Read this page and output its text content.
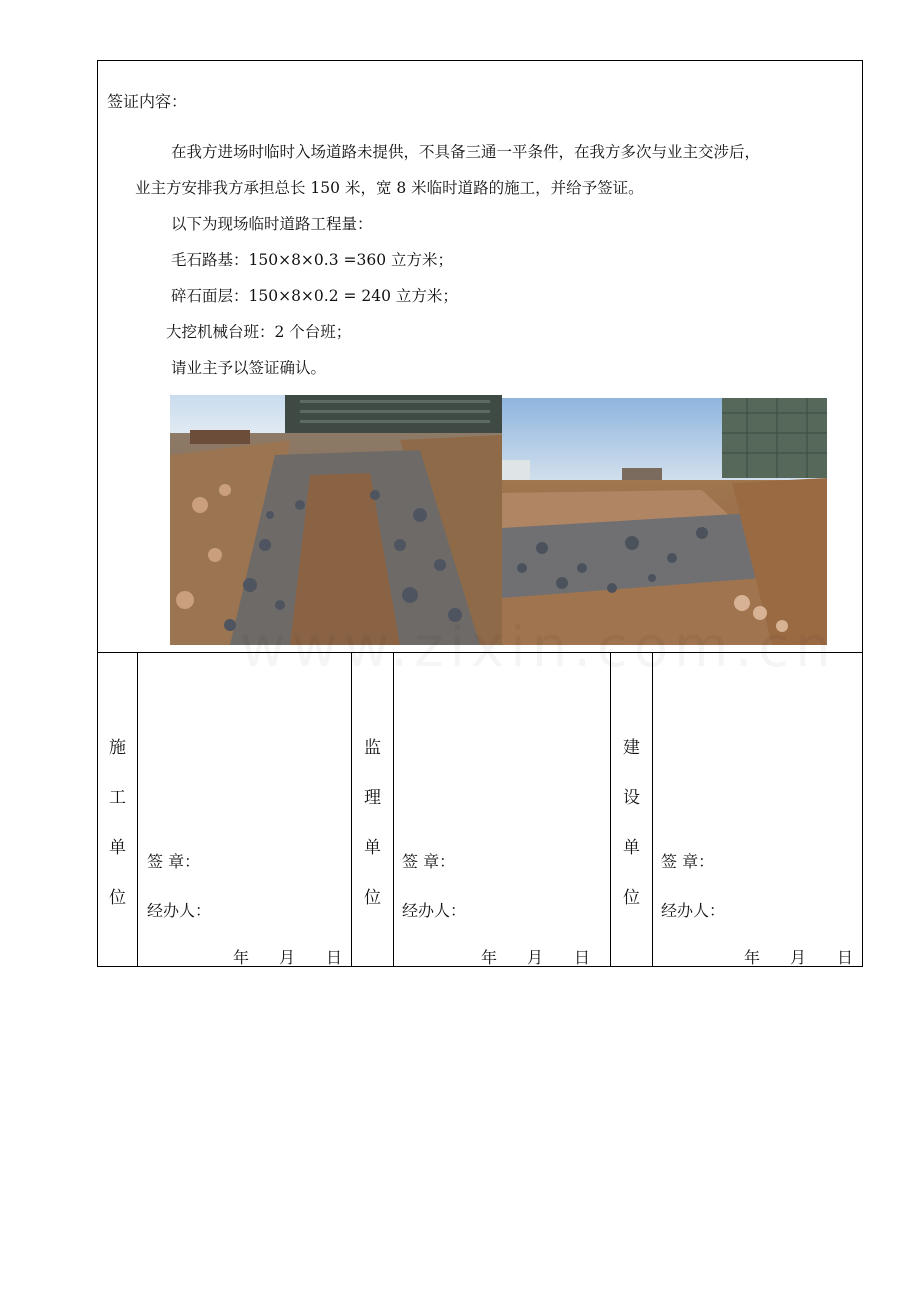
签证内容：
在我方进场时临时入场道路未提供，不具备三通一平条件，在我方多次与业主交涉后，
业主方安排我方承担总长 150 米，宽 8 米临时道路的施工，并给予签证。
以下为现场临时道路工程量：
毛石路基：150×8×0.3 =360 立方米；
碎石面层：150×8×0.2 = 240 立方米；
大挖机械台班：2 个台班；
请业主予以签证确认。
施
工
单
位
签 章：
经办人：
年 月 日
监
理
单
位
签 章：
经办人：
年 月 日
建
设
单
位
签 章：
经办人：
年 月 日
